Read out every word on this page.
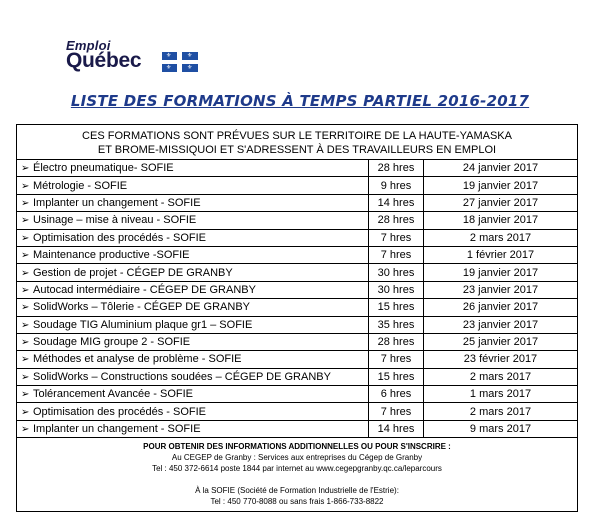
Emploi
Québec	⚜	⚜
⚜	⚜
LISTE DES FORMATIONS À TEMPS PARTIEL 2016-2017
CES FORMATIONS SONT PRÉVUES SUR LE TERRITOIRE DE LA HAUTE-YAMASKA
ET BROME-MISSIQUOI ET S'ADRESSENT À DES TRAVAILLEURS EN EMPLOI
➢ Électro pneumatique- SOFIE	28 hres	24 janvier 2017
➢ Métrologie - SOFIE	9 hres	19 janvier 2017
➢ Implanter un changement - SOFIE	14 hres	27 janvier 2017
➢ Usinage – mise à niveau - SOFIE	28 hres	18 janvier 2017
➢ Optimisation des procédés - SOFIE	7 hres	2 mars 2017
➢ Maintenance productive -SOFIE	7 hres	1 février 2017
➢ Gestion de projet - CÉGEP DE GRANBY	30 hres	19 janvier 2017
➢ Autocad intermédiaire - CÉGEP DE GRANBY	30 hres	23 janvier 2017
➢ SolidWorks – Tôlerie - CÉGEP DE GRANBY	15 hres	26 janvier 2017
➢ Soudage TIG Aluminium plaque gr1 – SOFIE	35 hres	23 janvier 2017
➢ Soudage MIG groupe 2 - SOFIE	28 hres	25 janvier 2017
➢ Méthodes et analyse de problème - SOFIE	7 hres	23 février 2017
➢ SolidWorks – Constructions soudées – CÉGEP DE GRANBY	15 hres	2 mars 2017
➢ Tolérancement Avancée - SOFIE	6 hres	1 mars 2017
➢ Optimisation des procédés - SOFIE	7 hres	2 mars 2017
➢ Implanter un changement - SOFIE	14 hres	9 mars 2017
POUR OBTENIR DES INFORMATIONS ADDITIONNELLES OU POUR S'INSCRIRE :
Au CEGEP de Granby : Services aux entreprises du Cégep de Granby
Tel : 450 372-6614 poste 1844 par internet au www.cegepgranby.qc.ca/leparcours
À la SOFIE (Société de Formation Industrielle de l'Estrie):
Tel : 450 770-8088 ou sans frais 1-866-733-8822
